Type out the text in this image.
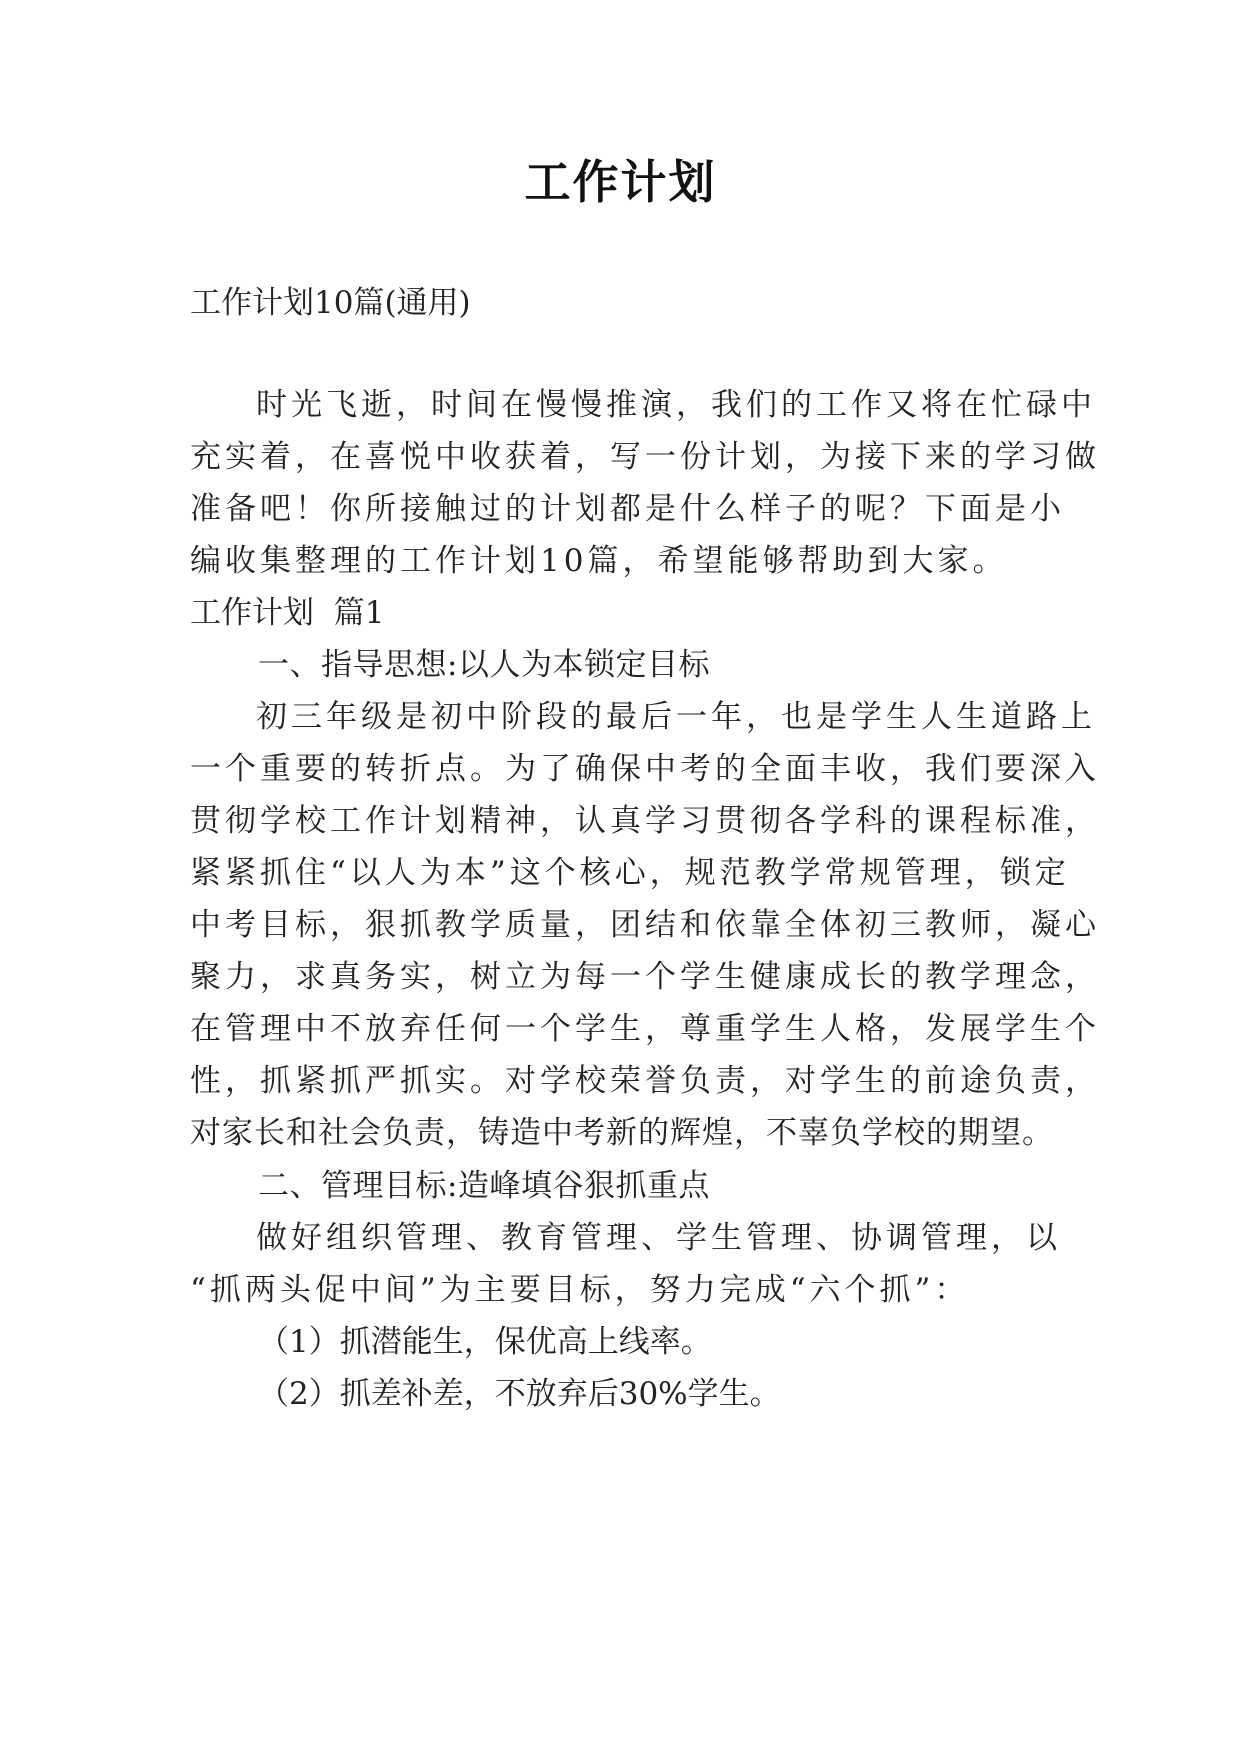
工作计划

工作计划10篇(通用)

时光飞逝，时间在慢慢推演，我们的工作又将在忙碌中

充实着，在喜悦中收获着，写一份计划，为接下来的学习做

准备吧！你所接触过的计划都是什么样子的呢？下面是小

编收集整理的工作计划10篇，希望能够帮助到大家。

工作计划  篇1

一、指导思想:以人为本锁定目标

初三年级是初中阶段的最后一年，也是学生人生道路上

一个重要的转折点。为了确保中考的全面丰收，我们要深入

贯彻学校工作计划精神，认真学习贯彻各学科的课程标准，

紧紧抓住“以人为本”这个核心，规范教学常规管理，锁定

中考目标，狠抓教学质量，团结和依靠全体初三教师，凝心

聚力，求真务实，树立为每一个学生健康成长的教学理念，

在管理中不放弃任何一个学生，尊重学生人格，发展学生个

性，抓紧抓严抓实。对学校荣誉负责，对学生的前途负责，

对家长和社会负责，铸造中考新的辉煌，不辜负学校的期望。

二、管理目标:造峰填谷狠抓重点

做好组织管理、教育管理、学生管理、协调管理，以

“抓两头促中间”为主要目标，努力完成“六个抓”：

（1）抓潜能生，保优高上线率。

（2）抓差补差，不放弃后30%学生。
